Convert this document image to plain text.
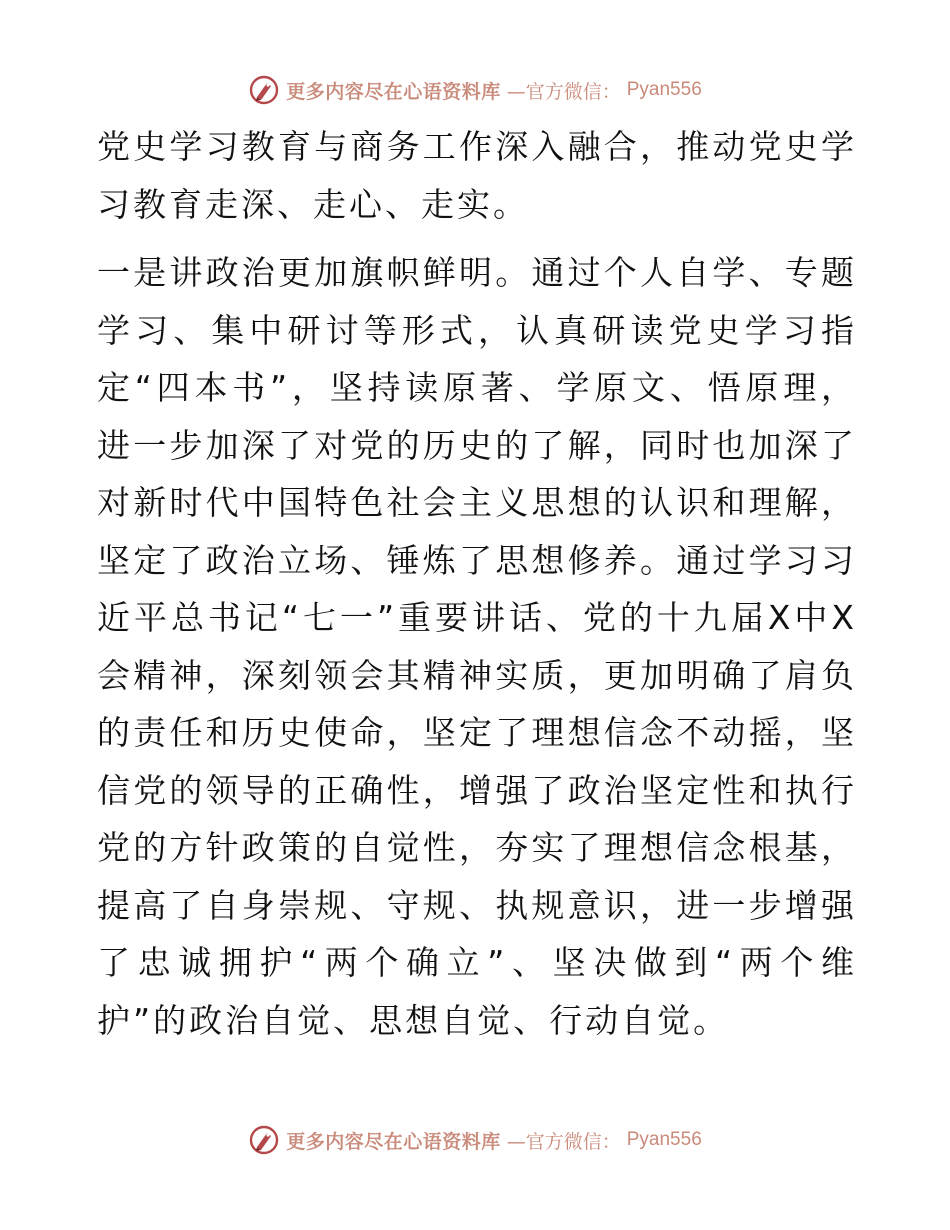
更多内容尽在心语资料库 —官方微信： Pyan556

党史学习教育与商务工作深入融合，推动党史学习教育走深、走心、走实。

一是讲政治更加旗帜鲜明。通过个人自学、专题学习、集中研讨等形式，认真研读党史学习指定“四本书”，坚持读原著、学原文、悟原理，进一步加深了对党的历史的了解，同时也加深了对新时代中国特色社会主义思想的认识和理解，坚定了政治立场、锤炼了思想修养。通过学习习近平总书记“七一”重要讲话、党的十九届X中X会精神，深刻领会其精神实质，更加明确了肩负的责任和历史使命，坚定了理想信念不动摇，坚信党的领导的正确性，增强了政治坚定性和执行党的方针政策的自觉性，夯实了理想信念根基，提高了自身崇规、守规、执规意识，进一步增强了忠诚拥护“两个确立”、坚决做到“两个维护”的政治自觉、思想自觉、行动自觉。

更多内容尽在心语资料库 —官方微信： Pyan556
